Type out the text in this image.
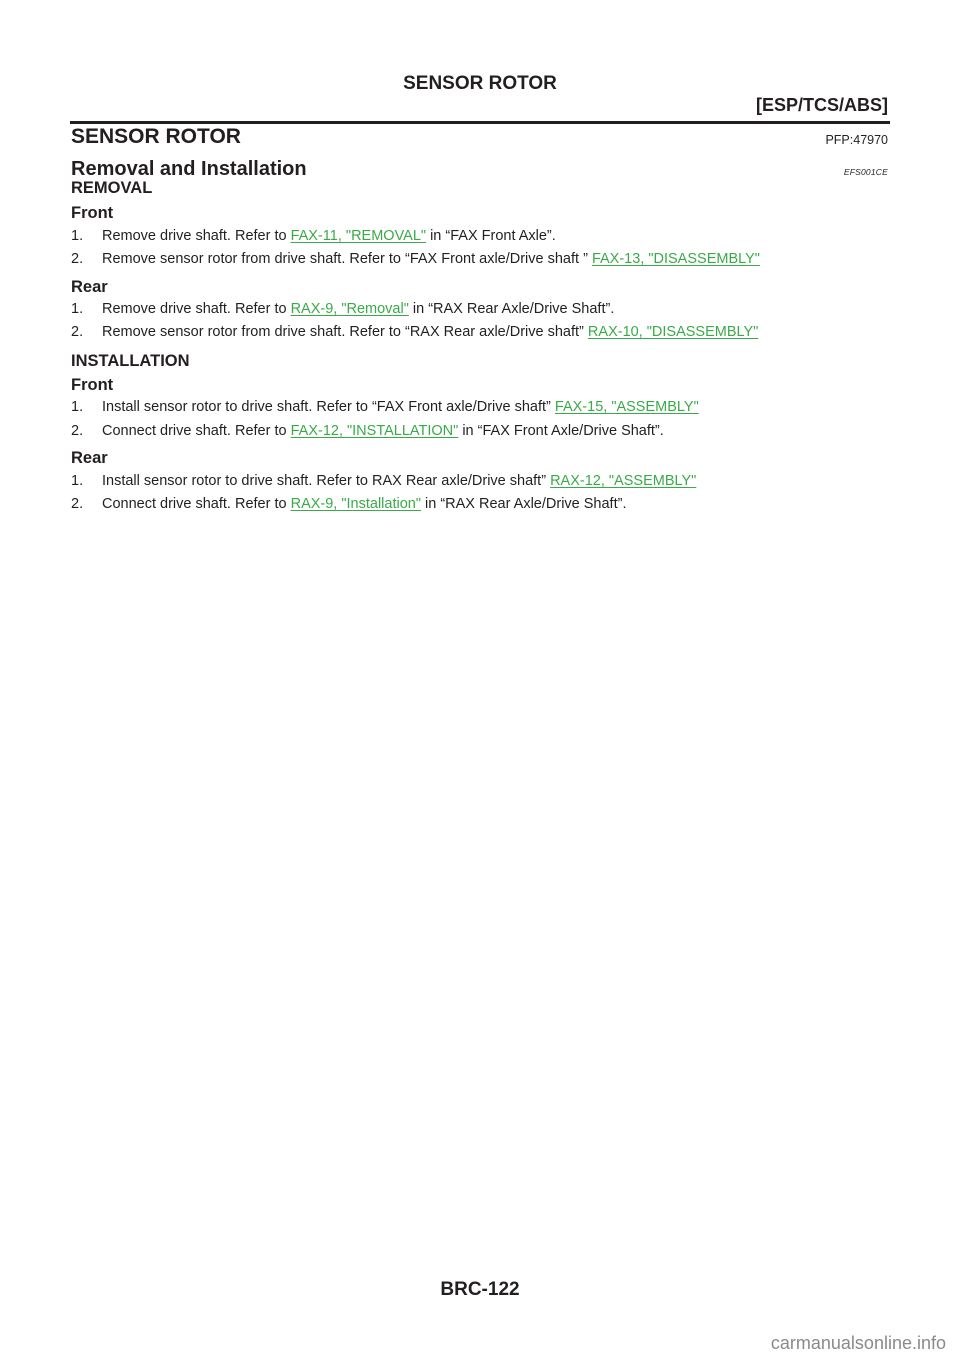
SENSOR ROTOR
[ESP/TCS/ABS]
SENSOR ROTOR	PFP:47970
Removal and Installation	EFS001CE
REMOVAL
Front
1. Remove drive shaft. Refer to FAX-11, "REMOVAL" in “FAX Front Axle”.
2. Remove sensor rotor from drive shaft. Refer to “FAX Front axle/Drive shaft ” FAX-13, "DISASSEMBLY"
Rear
1. Remove drive shaft. Refer to RAX-9, "Removal" in “RAX Rear Axle/Drive Shaft”.
2. Remove sensor rotor from drive shaft. Refer to “RAX Rear axle/Drive shaft” RAX-10, "DISASSEMBLY"
INSTALLATION
Front
1. Install sensor rotor to drive shaft. Refer to “FAX Front axle/Drive shaft” FAX-15, "ASSEMBLY"
2. Connect drive shaft. Refer to FAX-12, "INSTALLATION" in “FAX Front Axle/Drive Shaft”.
Rear
1. Install sensor rotor to drive shaft. Refer to RAX Rear axle/Drive shaft” RAX-12, "ASSEMBLY"
2. Connect drive shaft. Refer to RAX-9, "Installation" in “RAX Rear Axle/Drive Shaft”.
BRC-122
carmanualsonline.info
